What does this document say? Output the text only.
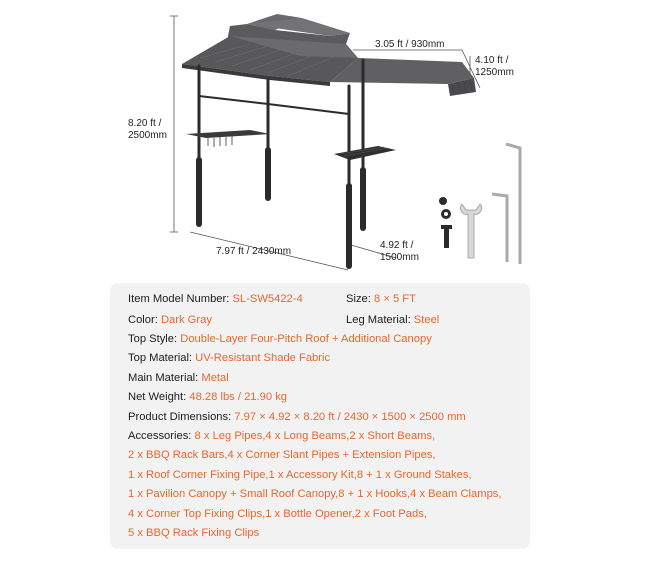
8.20 ft /
2500mm
7.97 ft / 2430mm
4.92 ft /
1500mm
3.05 ft / 930mm
4.10 ft /
1250mm
Item Model Number: SL-SW5422-4	Size: 8 × 5 FT
Color: Dark Gray	Leg Material: Steel
Top Style: Double-Layer Four-Pitch Roof + Additional Canopy
Top Material: UV-Resistant Shade Fabric
Main Material: Metal
Net Weight: 48.28 lbs / 21.90 kg
Product Dimensions: 7.97 × 4.92 × 8.20 ft / 2430 × 1500 × 2500 mm
Accessories: 8 x Leg Pipes,4 x Long Beams,2 x Short Beams,
2 x BBQ Rack Bars,4 x Corner Slant Pipes + Extension Pipes,
1 x Roof Corner Fixing Pipe,1 x Accessory Kit,8 + 1 x Ground Stakes,
1 x Pavilion Canopy + Small Roof Canopy,8 + 1 x Hooks,4 x Beam Clamps,
4 x Corner Top Fixing Clips,1 x Bottle Opener,2 x Foot Pads,
5 x BBQ Rack Fixing Clips
